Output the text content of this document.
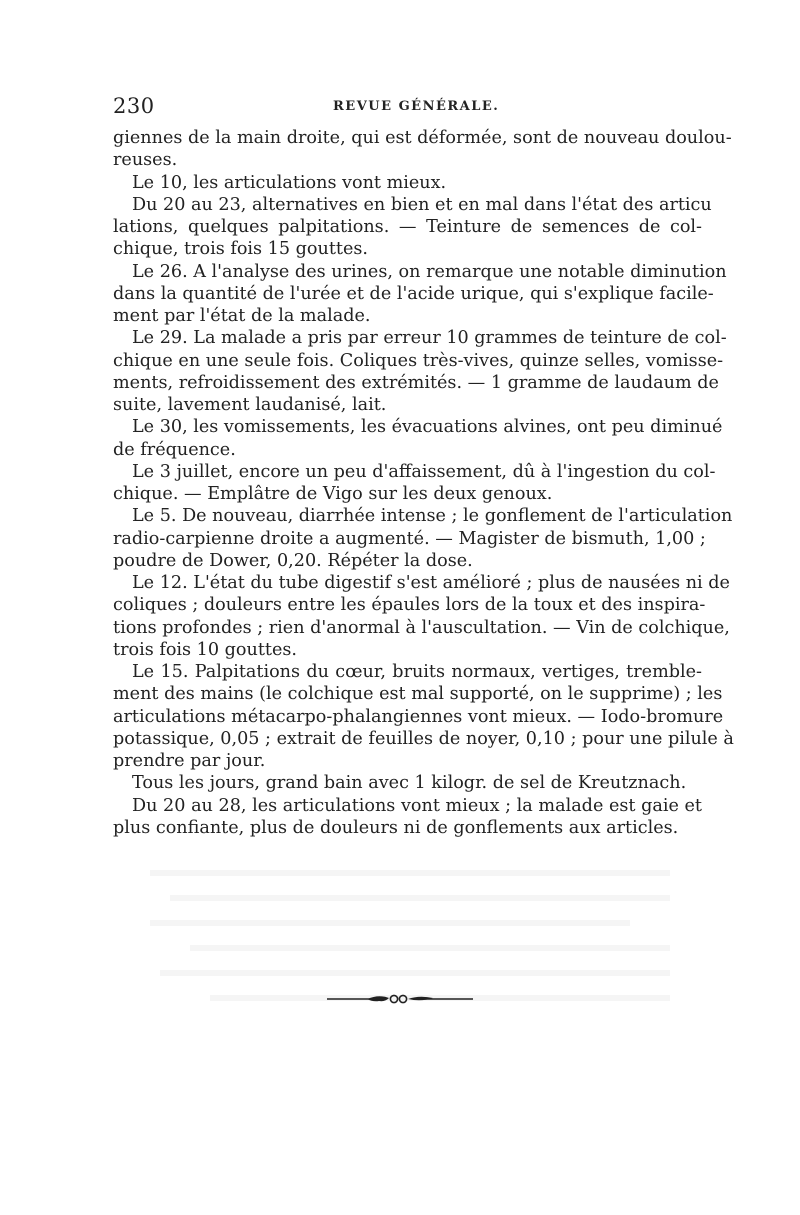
230	REVUE GÉNÉRALE.
giennes de la main droite, qui est déformée, sont de nouveau doulou-
reuses.
Le 10, les articulations vont mieux.
Du 20 au 23, alternatives en bien et en mal dans l'état des articu
lations, quelques palpitations. — Teinture de semences de col-
chique, trois fois 15 gouttes.
Le 26. A l'analyse des urines, on remarque une notable diminution
dans la quantité de l'urée et de l'acide urique, qui s'explique facile-
ment par l'état de la malade.
Le 29. La malade a pris par erreur 10 grammes de teinture de col-
chique en une seule fois. Coliques très-vives, quinze selles, vomisse-
ments, refroidissement des extrémités. — 1 gramme de laudaum de
suite, lavement laudanisé, lait.
Le 30, les vomissements, les évacuations alvines, ont peu diminué
de fréquence.
Le 3 juillet, encore un peu d'affaissement, dû à l'ingestion du col-
chique. — Emplâtre de Vigo sur les deux genoux.
Le 5. De nouveau, diarrhée intense ; le gonflement de l'articulation
radio-carpienne droite a augmenté. — Magister de bismuth, 1,00 ;
poudre de Dower, 0,20. Répéter la dose.
Le 12. L'état du tube digestif s'est amélioré ; plus de nausées ni de
coliques ; douleurs entre les épaules lors de la toux et des inspira-
tions profondes ; rien d'anormal à l'auscultation. — Vin de colchique,
trois fois 10 gouttes.
Le 15. Palpitations du cœur, bruits normaux, vertiges, tremble-
ment des mains (le colchique est mal supporté, on le supprime) ; les
articulations métacarpo-phalangiennes vont mieux. — Iodo-bromure
potassique, 0,05 ; extrait de feuilles de noyer, 0,10 ; pour une pilule à
prendre par jour.
Tous les jours, grand bain avec 1 kilogr. de sel de Kreutznach.
Du 20 au 28, les articulations vont mieux ; la malade est gaie et
plus confiante, plus de douleurs ni de gonflements aux articles.
